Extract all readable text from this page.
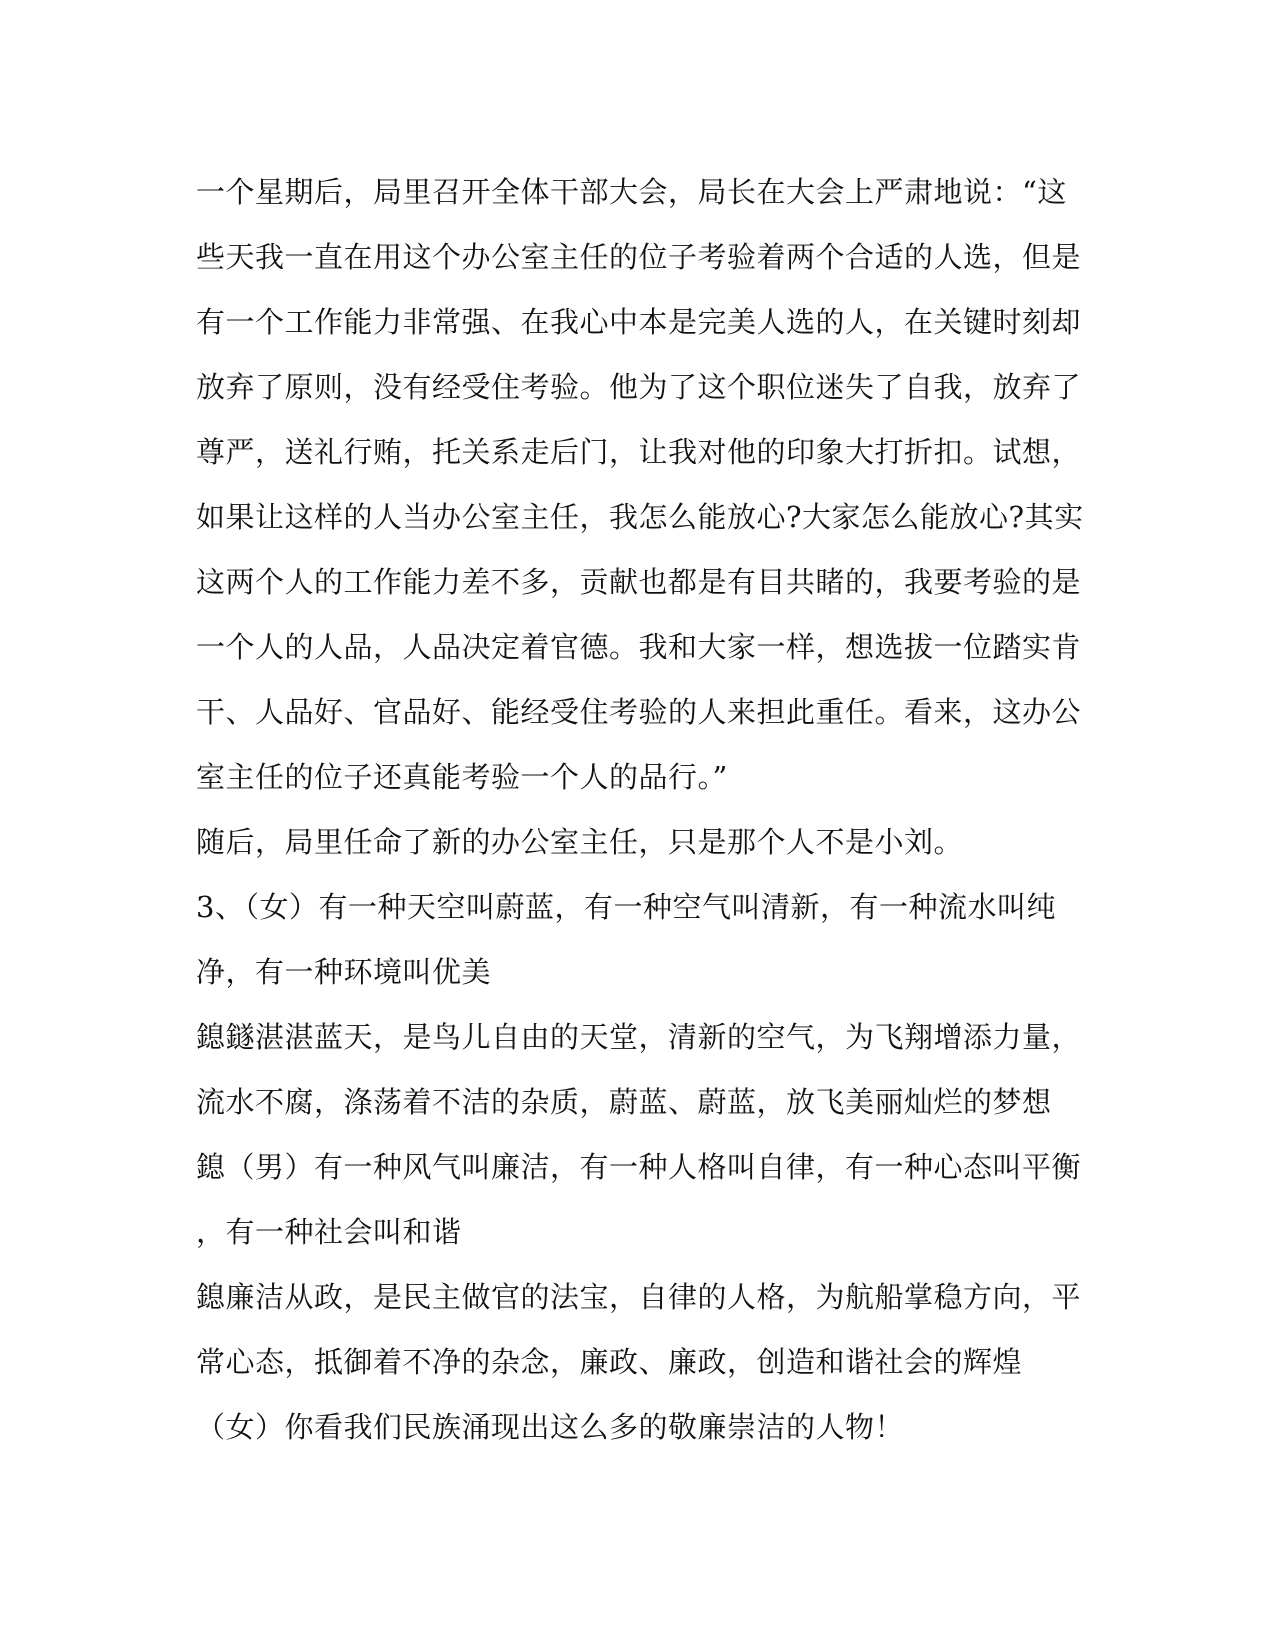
一个星期后，局里召开全体干部大会，局长在大会上严肃地说：“这
些天我一直在用这个办公室主任的位子考验着两个合适的人选，但是
有一个工作能力非常强、在我心中本是完美人选的人，在关键时刻却
放弃了原则，没有经受住考验。他为了这个职位迷失了自我，放弃了
尊严，送礼行贿，托关系走后门，让我对他的印象大打折扣。试想，
如果让这样的人当办公室主任，我怎么能放心?大家怎么能放心?其实
这两个人的工作能力差不多，贡献也都是有目共睹的，我要考验的是
一个人的人品，人品决定着官德。我和大家一样，想选拔一位踏实肯
干、人品好、官品好、能经受住考验的人来担此重任。看来，这办公
室主任的位子还真能考验一个人的品行。”
随后，局里任命了新的办公室主任，只是那个人不是小刘。
3、（女）有一种天空叫蔚蓝，有一种空气叫清新，有一种流水叫纯
净，有一种环境叫优美
鎴鐩湛湛蓝天，是鸟儿自由的天堂，清新的空气，为飞翔增添力量，
流水不腐，涤荡着不洁的杂质，蔚蓝、蔚蓝，放飞美丽灿烂的梦想
鎴（男）有一种风气叫廉洁，有一种人格叫自律，有一种心态叫平衡
，有一种社会叫和谐
鎴廉洁从政，是民主做官的法宝，自律的人格，为航船掌稳方向，平
常心态，抵御着不净的杂念，廉政、廉政，创造和谐社会的辉煌
（女）你看我们民族涌现出这么多的敬廉崇洁的人物！
